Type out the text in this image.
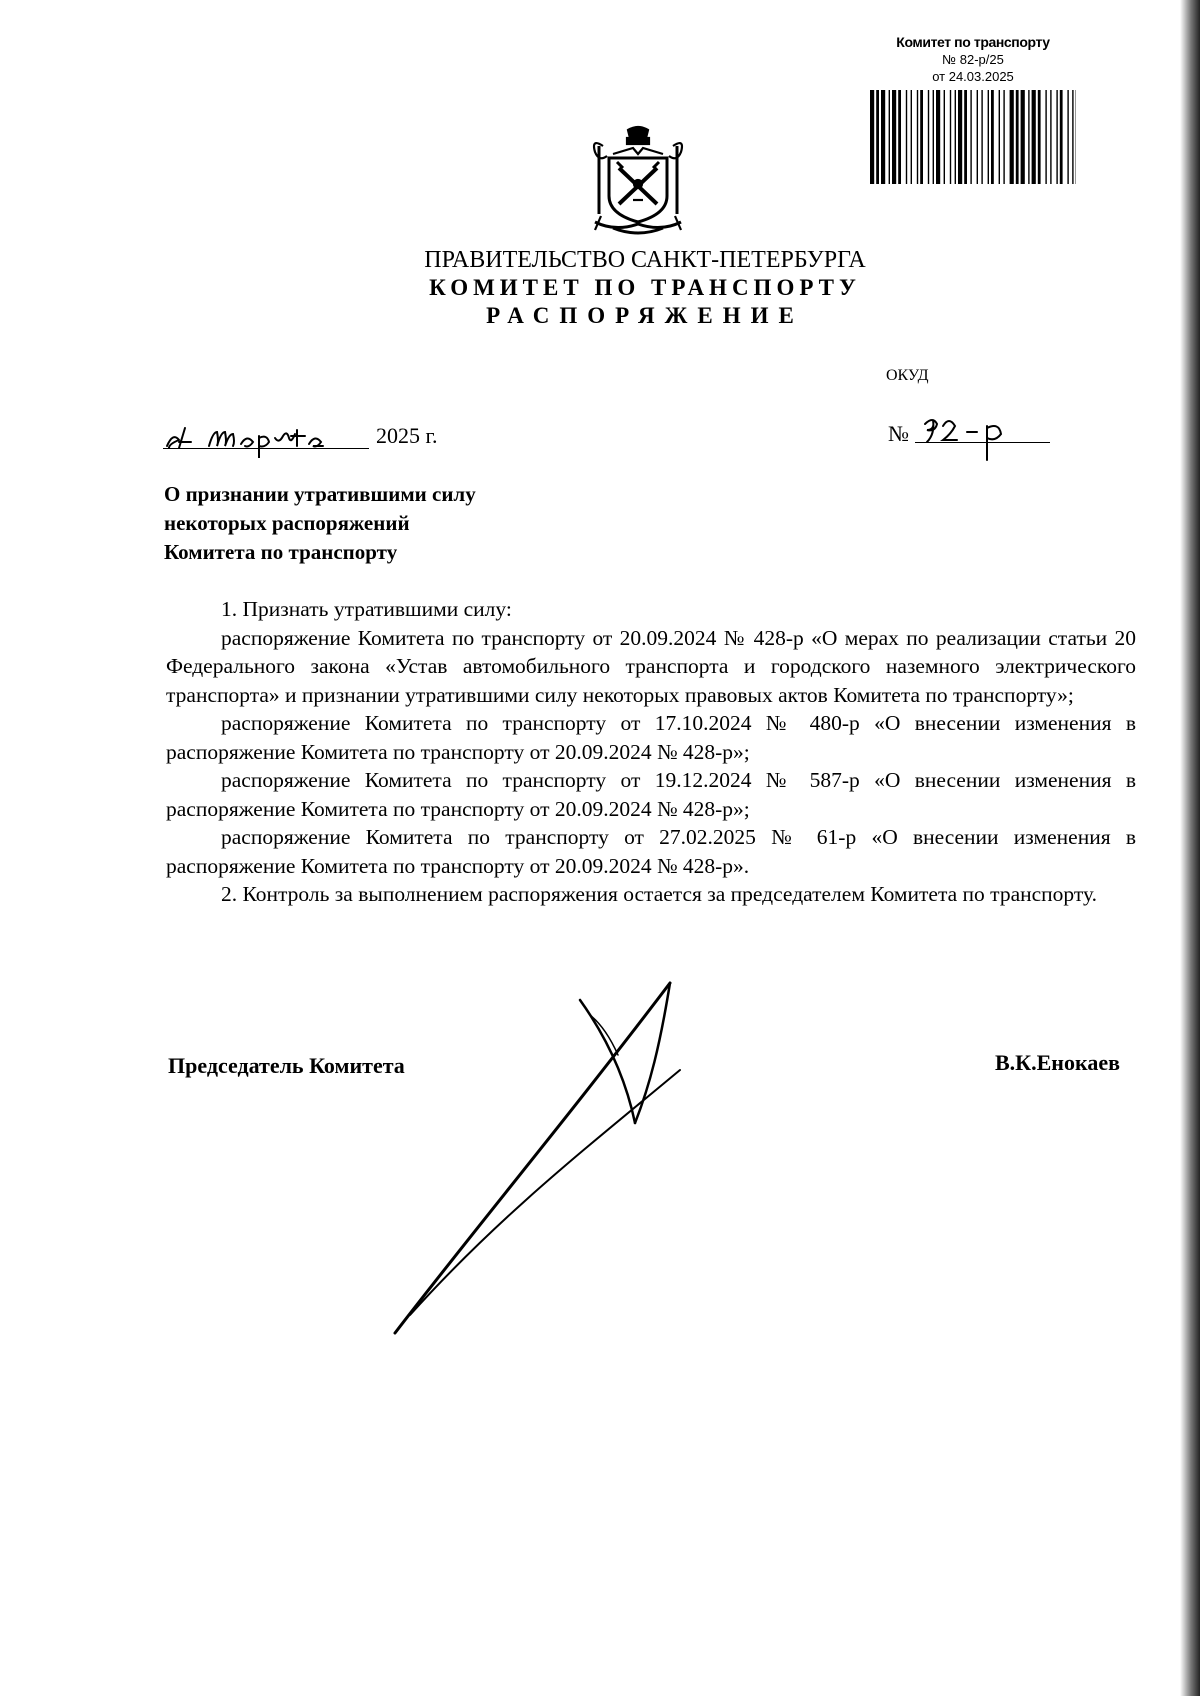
Комитет по транспорту
№ 82-р/25
от 24.03.2025
ПРАВИТЕЛЬСТВО САНКТ-ПЕТЕРБУРГА
КОМИТЕТ ПО ТРАНСПОРТУ
РАСПОРЯЖЕНИЕ
ОКУД
2025 г.	№
О признании утратившими силу
некоторых распоряжений
Комитета по транспорту

1. Признать утратившими силу:

распоряжение Комитета по транспорту от 20.09.2024 № 428-р «О мерах по реализации статьи 20 Федерального закона «Устав автомобильного транспорта и городского наземного электрического транспорта» и признании утратившими силу некоторых правовых актов Комитета по транспорту»;

распоряжение Комитета по транспорту от 17.10.2024 № 480-р «О внесении изменения в распоряжение Комитета по транспорту от 20.09.2024 № 428-р»;

распоряжение Комитета по транспорту от 19.12.2024 № 587-р «О внесении изменения в распоряжение Комитета по транспорту от 20.09.2024 № 428-р»;

распоряжение Комитета по транспорту от 27.02.2025 № 61-р «О внесении изменения в распоряжение Комитета по транспорту от 20.09.2024 № 428-р».

2. Контроль за выполнением распоряжения остается за председателем Комитета по транспорту.

Председатель Комитета	В.К.Енокаев
